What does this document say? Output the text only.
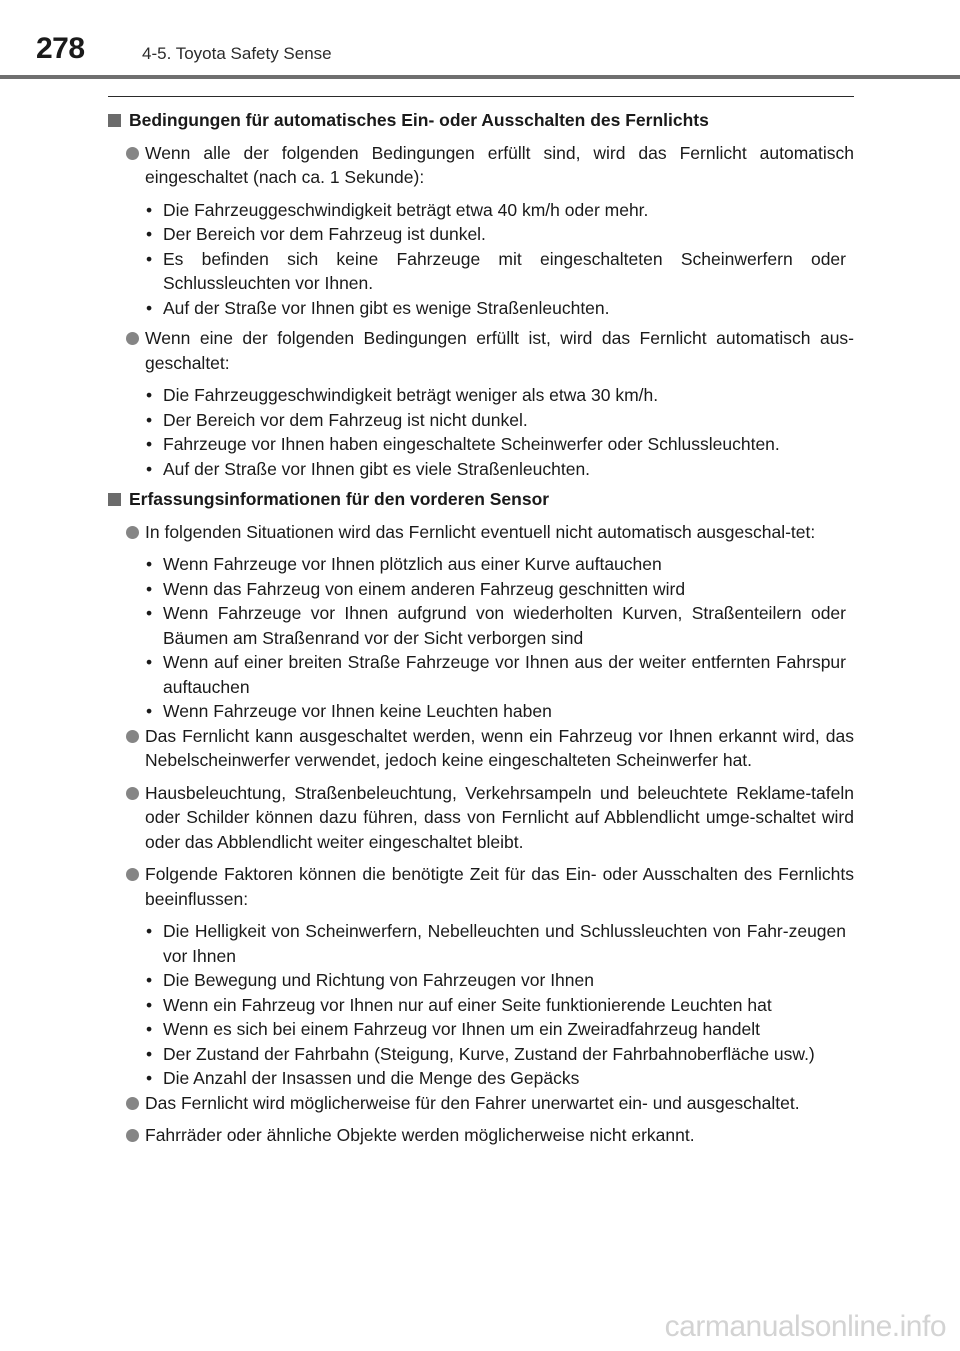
278	4-5. Toyota Safety Sense
Bedingungen für automatisches Ein- oder Ausschalten des Fernlichts
Wenn alle der folgenden Bedingungen erfüllt sind, wird das Fernlicht automatisch eingeschaltet (nach ca. 1 Sekunde):
• Die Fahrzeuggeschwindigkeit beträgt etwa 40 km/h oder mehr.
• Der Bereich vor dem Fahrzeug ist dunkel.
• Es befinden sich keine Fahrzeuge mit eingeschalteten Scheinwerfern oder Schlussleuchten vor Ihnen.
• Auf der Straße vor Ihnen gibt es wenige Straßenleuchten.
Wenn eine der folgenden Bedingungen erfüllt ist, wird das Fernlicht automatisch aus-geschaltet:
• Die Fahrzeuggeschwindigkeit beträgt weniger als etwa 30 km/h.
• Der Bereich vor dem Fahrzeug ist nicht dunkel.
• Fahrzeuge vor Ihnen haben eingeschaltete Scheinwerfer oder Schlussleuchten.
• Auf der Straße vor Ihnen gibt es viele Straßenleuchten.
Erfassungsinformationen für den vorderen Sensor
In folgenden Situationen wird das Fernlicht eventuell nicht automatisch ausgeschal-tet:
• Wenn Fahrzeuge vor Ihnen plötzlich aus einer Kurve auftauchen
• Wenn das Fahrzeug von einem anderen Fahrzeug geschnitten wird
• Wenn Fahrzeuge vor Ihnen aufgrund von wiederholten Kurven, Straßenteilern oder Bäumen am Straßenrand vor der Sicht verborgen sind
• Wenn auf einer breiten Straße Fahrzeuge vor Ihnen aus der weiter entfernten Fahrspur auftauchen
• Wenn Fahrzeuge vor Ihnen keine Leuchten haben
Das Fernlicht kann ausgeschaltet werden, wenn ein Fahrzeug vor Ihnen erkannt wird, das Nebelscheinwerfer verwendet, jedoch keine eingeschalteten Scheinwerfer hat.
Hausbeleuchtung, Straßenbeleuchtung, Verkehrsampeln und beleuchtete Reklame-tafeln oder Schilder können dazu führen, dass von Fernlicht auf Abblendlicht umge-schaltet wird oder das Abblendlicht weiter eingeschaltet bleibt.
Folgende Faktoren können die benötigte Zeit für das Ein- oder Ausschalten des Fernlichts beeinflussen:
• Die Helligkeit von Scheinwerfern, Nebelleuchten und Schlussleuchten von Fahr-zeugen vor Ihnen
• Die Bewegung und Richtung von Fahrzeugen vor Ihnen
• Wenn ein Fahrzeug vor Ihnen nur auf einer Seite funktionierende Leuchten hat
• Wenn es sich bei einem Fahrzeug vor Ihnen um ein Zweiradfahrzeug handelt
• Der Zustand der Fahrbahn (Steigung, Kurve, Zustand der Fahrbahnoberfläche usw.)
• Die Anzahl der Insassen und die Menge des Gepäcks
Das Fernlicht wird möglicherweise für den Fahrer unerwartet ein- und ausgeschaltet.
Fahrräder oder ähnliche Objekte werden möglicherweise nicht erkannt.
carmanualsonline.info
